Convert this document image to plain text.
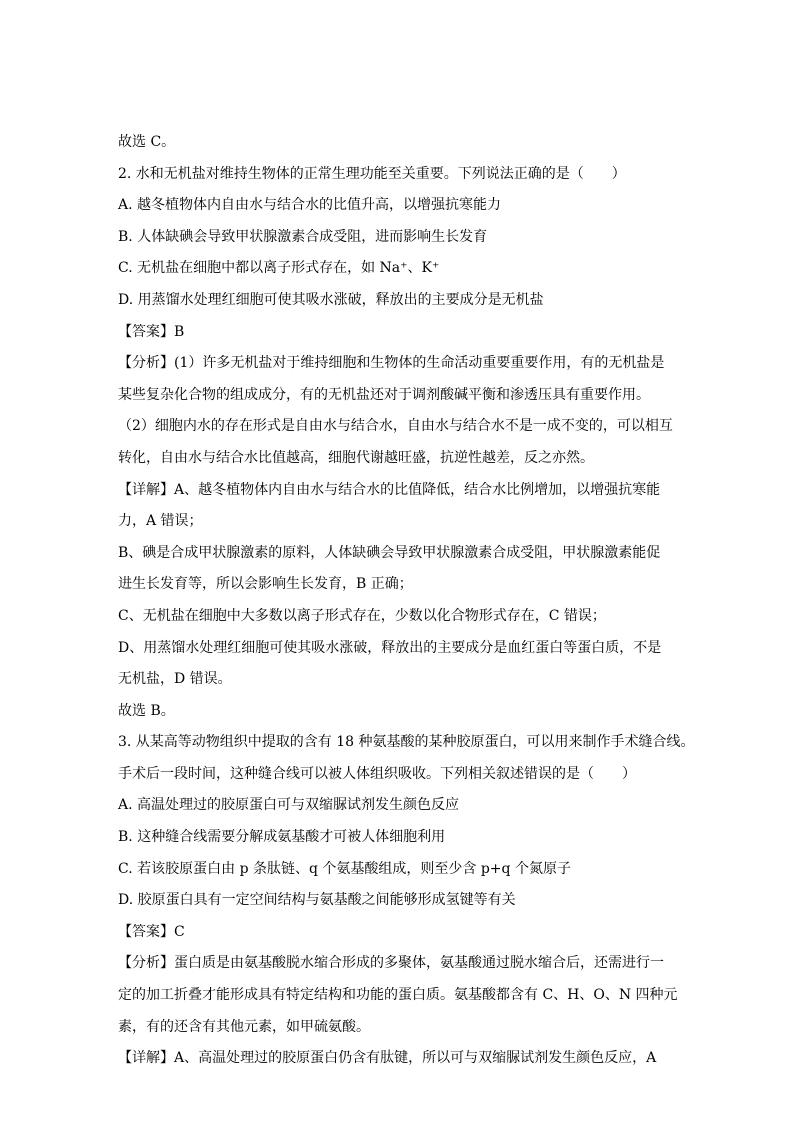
故选 C。
2. 水和无机盐对维持生物体的正常生理功能至关重要。下列说法正确的是（　　）
A. 越冬植物体内自由水与结合水的比值升高，以增强抗寒能力
B. 人体缺碘会导致甲状腺激素合成受阻，进而影响生长发育
C. 无机盐在细胞中都以离子形式存在，如 Na⁺、K⁺
D. 用蒸馏水处理红细胞可使其吸水涨破，释放出的主要成分是无机盐
【答案】B
【分析】(1）许多无机盐对于维持细胞和生物体的生命活动重要重要作用，有的无机盐是
某些复杂化合物的组成成分，有的无机盐还对于调剂酸碱平衡和渗透压具有重要作用。
（2）细胞内水的存在形式是自由水与结合水，自由水与结合水不是一成不变的，可以相互
转化，自由水与结合水比值越高，细胞代谢越旺盛，抗逆性越差，反之亦然。
【详解】A、越冬植物体内自由水与结合水的比值降低，结合水比例增加，以增强抗寒能
力，A 错误；
B、碘是合成甲状腺激素的原料，人体缺碘会导致甲状腺激素合成受阻，甲状腺激素能促
进生长发育等，所以会影响生长发育，B 正确；
C、无机盐在细胞中大多数以离子形式存在，少数以化合物形式存在，C 错误；
D、用蒸馏水处理红细胞可使其吸水涨破，释放出的主要成分是血红蛋白等蛋白质，不是
无机盐，D 错误。
故选 B。
3. 从某高等动物组织中提取的含有 18 种氨基酸的某种胶原蛋白，可以用来制作手术缝合线。
手术后一段时间，这种缝合线可以被人体组织吸收。下列相关叙述错误的是（　　）
A. 高温处理过的胶原蛋白可与双缩脲试剂发生颜色反应
B. 这种缝合线需要分解成氨基酸才可被人体细胞利用
C. 若该胶原蛋白由 p 条肽链、q 个氨基酸组成，则至少含 p+q 个氮原子
D. 胶原蛋白具有一定空间结构与氨基酸之间能够形成氢键等有关
【答案】C
【分析】蛋白质是由氨基酸脱水缩合形成的多聚体，氨基酸通过脱水缩合后，还需进行一
定的加工折叠才能形成具有特定结构和功能的蛋白质。氨基酸都含有 C、H、O、N 四种元
素，有的还含有其他元素，如甲硫氨酸。
【详解】A、高温处理过的胶原蛋白仍含有肽键，所以可与双缩脲试剂发生颜色反应，A
